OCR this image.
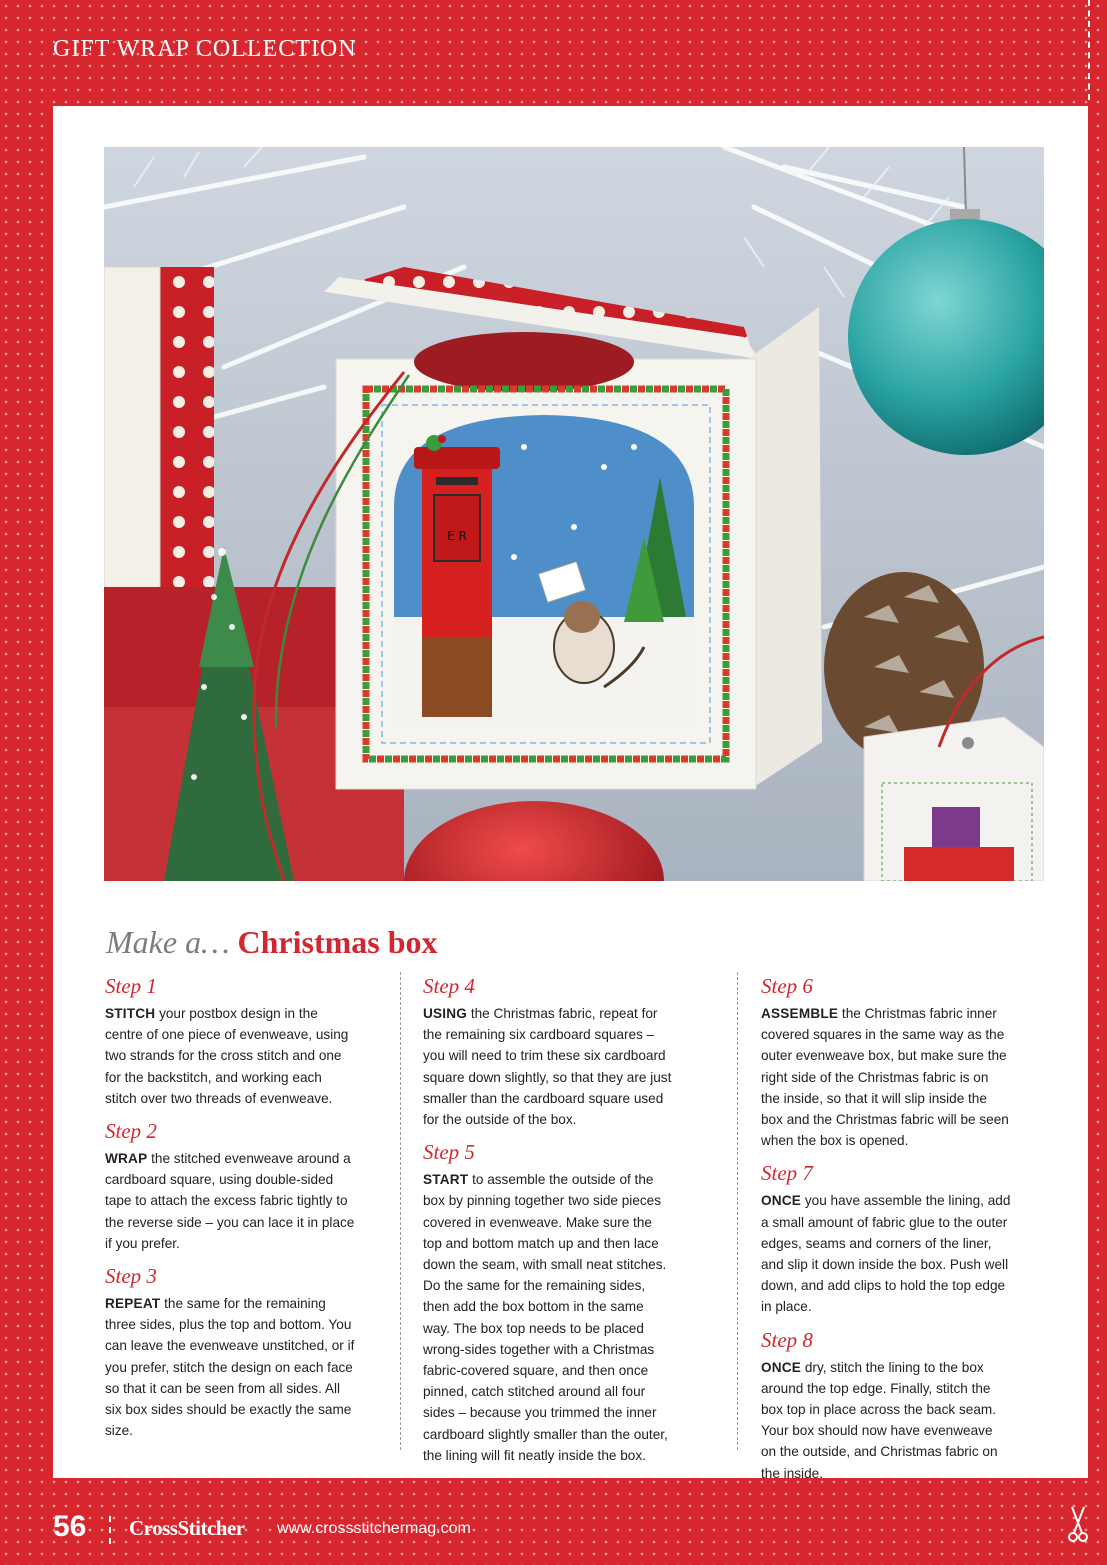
GIFT WRAP COLLECTION
E R
Make a… Christmas box
Step 1

STITCH your postbox design in the centre of one piece of evenweave, using two strands for the cross stitch and one for the backstitch, and working each stitch over two threads of evenweave.

Step 2

WRAP the stitched evenweave around a cardboard square, using double-sided tape to attach the excess fabric tightly to the reverse side – you can lace it in place if you prefer.

Step 3

REPEAT the same for the remaining three sides, plus the top and bottom. You can leave the evenweave unstitched, or if you prefer, stitch the design on each face so that it can be seen from all sides. All six box sides should be exactly the same size.

Step 4

USING the Christmas fabric, repeat for the remaining six cardboard squares – you will need to trim these six cardboard square down slightly, so that they are just smaller than the cardboard square used for the outside of the box.

Step 5

START to assemble the outside of the box by pinning together two side pieces covered in evenweave. Make sure the top and bottom match up and then lace down the seam, with small neat stitches. Do the same for the remaining sides, then add the box bottom in the same way. The box top needs to be placed wrong-sides together with a Christmas fabric-covered square, and then once pinned, catch stitched around all four sides – because you trimmed the inner cardboard slightly smaller than the outer, the lining will fit neatly inside the box.

Step 6

ASSEMBLE the Christmas fabric inner covered squares in the same way as the outer evenweave box, but make sure the right side of the Christmas fabric is on the inside, so that it will slip inside the box and the Christmas fabric will be seen when the box is opened.

Step 7

ONCE you have assemble the lining, add a small amount of fabric glue to the outer edges, seams and corners of the liner, and slip it down inside the box. Push well down, and add clips to hold the top edge in place.

Step 8

ONCE dry, stitch the lining to the box around the top edge. Finally, stitch the box top in place across the back seam. Your box should now have evenweave on the outside, and Christmas fabric on the inside.

56 CrossStitcher www.crossstitchermag.com
